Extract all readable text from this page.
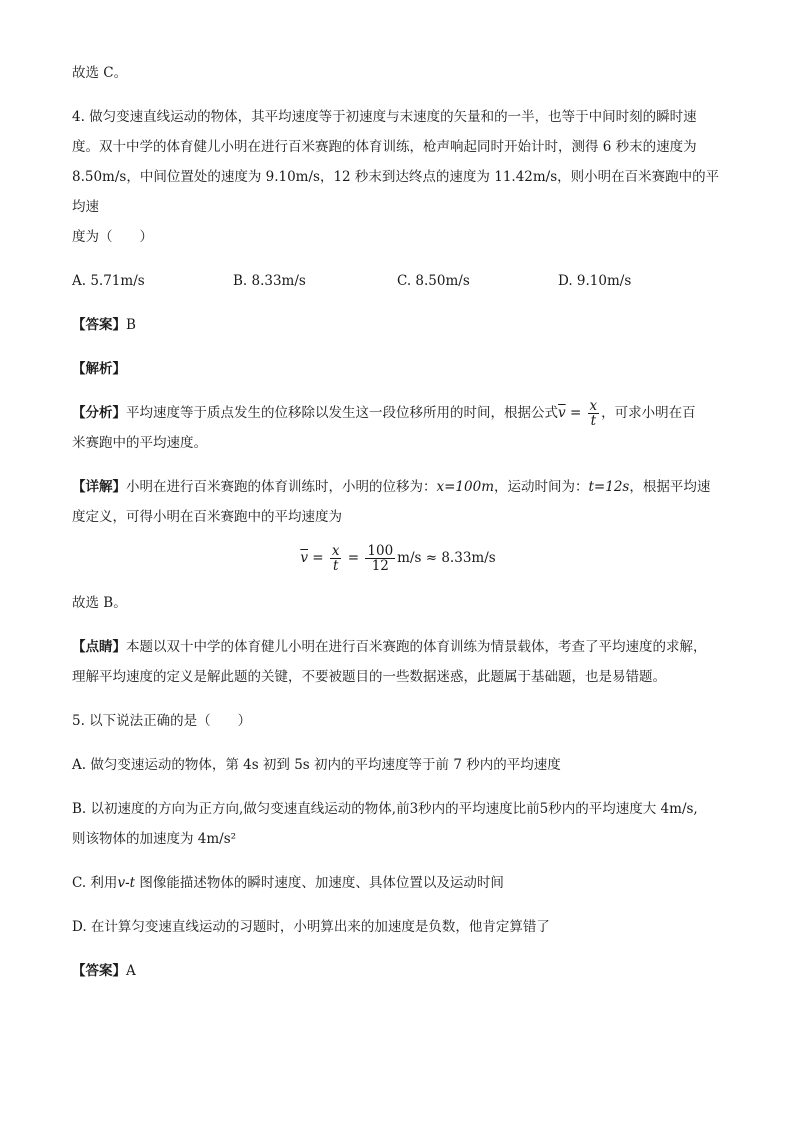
故选 C。

4. 做匀变速直线运动的物体，其平均速度等于初速度与末速度的矢量和的一半，也等于中间时刻的瞬时速

度。双十中学的体育健儿小明在进行百米赛跑的体育训练，枪声响起同时开始计时，测得 6 秒末的速度为

8.50m/s，中间位置处的速度为 9.10m/s，12 秒末到达终点的速度为 11.42m/s，则小明在百米赛跑中的平均速

度为（　　）

A. 5.71m/s	B. 8.33m/s	C. 8.50m/s	D. 9.10m/s

【答案】B

【解析】

【分析】平均速度等于质点发生的位移除以发生这一段位移所用的时间，根据公式$\overline{v} = \frac{x}{t}$ ，可求小明在百

米赛跑中的平均速度。

【详解】小明在进行百米赛跑的体育训练时，小明的位移为：x=100m，运动时间为：t=12s，根据平均速

度定义，可得小明在百米赛跑中的平均速度为

$\overline{v} = \frac{x}{t} = \frac{100}{12} m/s \approx 8.33m/s$

故选 B。

【点睛】本题以双十中学的体育健儿小明在进行百米赛跑的体育训练为情景载体，考查了平均速度的求解，

理解平均速度的定义是解此题的关键，不要被题目的一些数据迷惑，此题属于基础题，也是易错题。

5. 以下说法正确的是（　　）

A. 做匀变速运动的物体，第 4s 初到 5s 初内的平均速度等于前 7 秒内的平均速度

B. 以初速度的方向为正方向,做匀变速直线运动的物体,前3秒内的平均速度比前5秒内的平均速度大 4m/s,

则该物体的加速度为 4m/s²

C. 利用v-t 图像能描述物体的瞬时速度、加速度、具体位置以及运动时间

D. 在计算匀变速直线运动的习题时，小明算出来的加速度是负数，他肯定算错了

【答案】A
